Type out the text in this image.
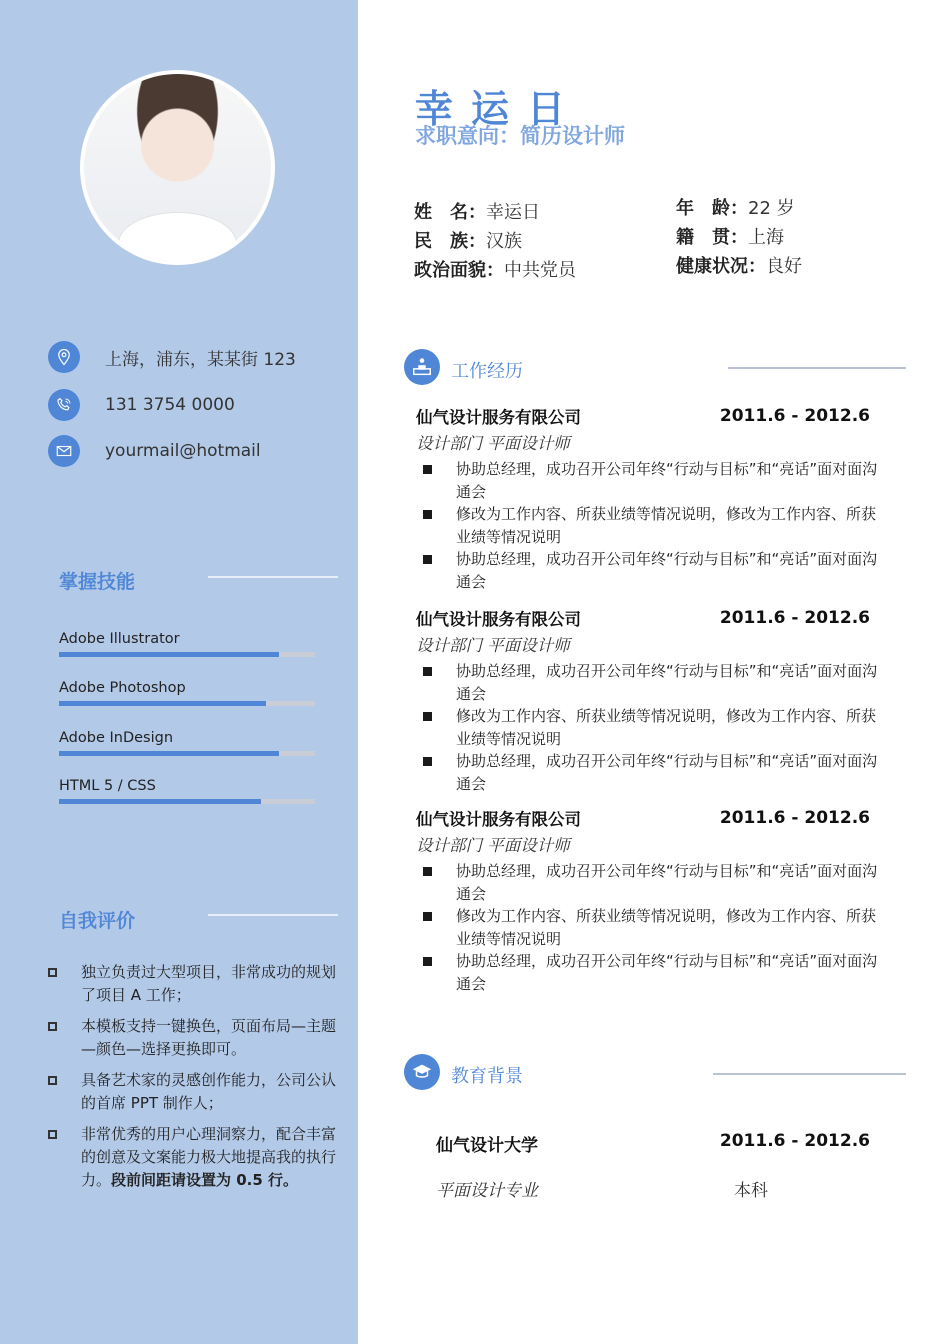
上海，浦东，某某街 123
131 3754 0000
yourmail@hotmail
掌握技能
Adobe Illustrator
Adobe Photoshop
Adobe InDesign
HTML 5 / CSS
自我评价
独立负责过大型项目，非常成功的规划了项目 A 工作；
本模板支持一键换色，页面布局—主题—颜色—选择更换即可。
具备艺术家的灵感创作能力，公司公认的首席 PPT 制作人；
非常优秀的用户心理洞察力，配合丰富的创意及文案能力极大地提高我的执行力。段前间距请设置为 0.5 行。
幸运日
求职意向：简历设计师
姓　名：幸运日
民　族：汉族
政治面貌：中共党员
年　龄：22 岁
籍　贯：上海
健康状况：良好
工作经历
仙气设计服务有限公司	2011.6 - 2012.6
设计部门 平面设计师
协助总经理，成功召开公司年终“行动与目标”和“亮话”面对面沟通会
修改为工作内容、所获业绩等情况说明，修改为工作内容、所获业绩等情况说明
协助总经理，成功召开公司年终“行动与目标”和“亮话”面对面沟通会
仙气设计服务有限公司	2011.6 - 2012.6
设计部门 平面设计师
协助总经理，成功召开公司年终“行动与目标”和“亮话”面对面沟通会
修改为工作内容、所获业绩等情况说明，修改为工作内容、所获业绩等情况说明
协助总经理，成功召开公司年终“行动与目标”和“亮话”面对面沟通会
仙气设计服务有限公司	2011.6 - 2012.6
设计部门 平面设计师
协助总经理，成功召开公司年终“行动与目标”和“亮话”面对面沟通会
修改为工作内容、所获业绩等情况说明，修改为工作内容、所获业绩等情况说明
协助总经理，成功召开公司年终“行动与目标”和“亮话”面对面沟通会
教育背景
仙气设计大学	2011.6 - 2012.6
平面设计专业	本科
